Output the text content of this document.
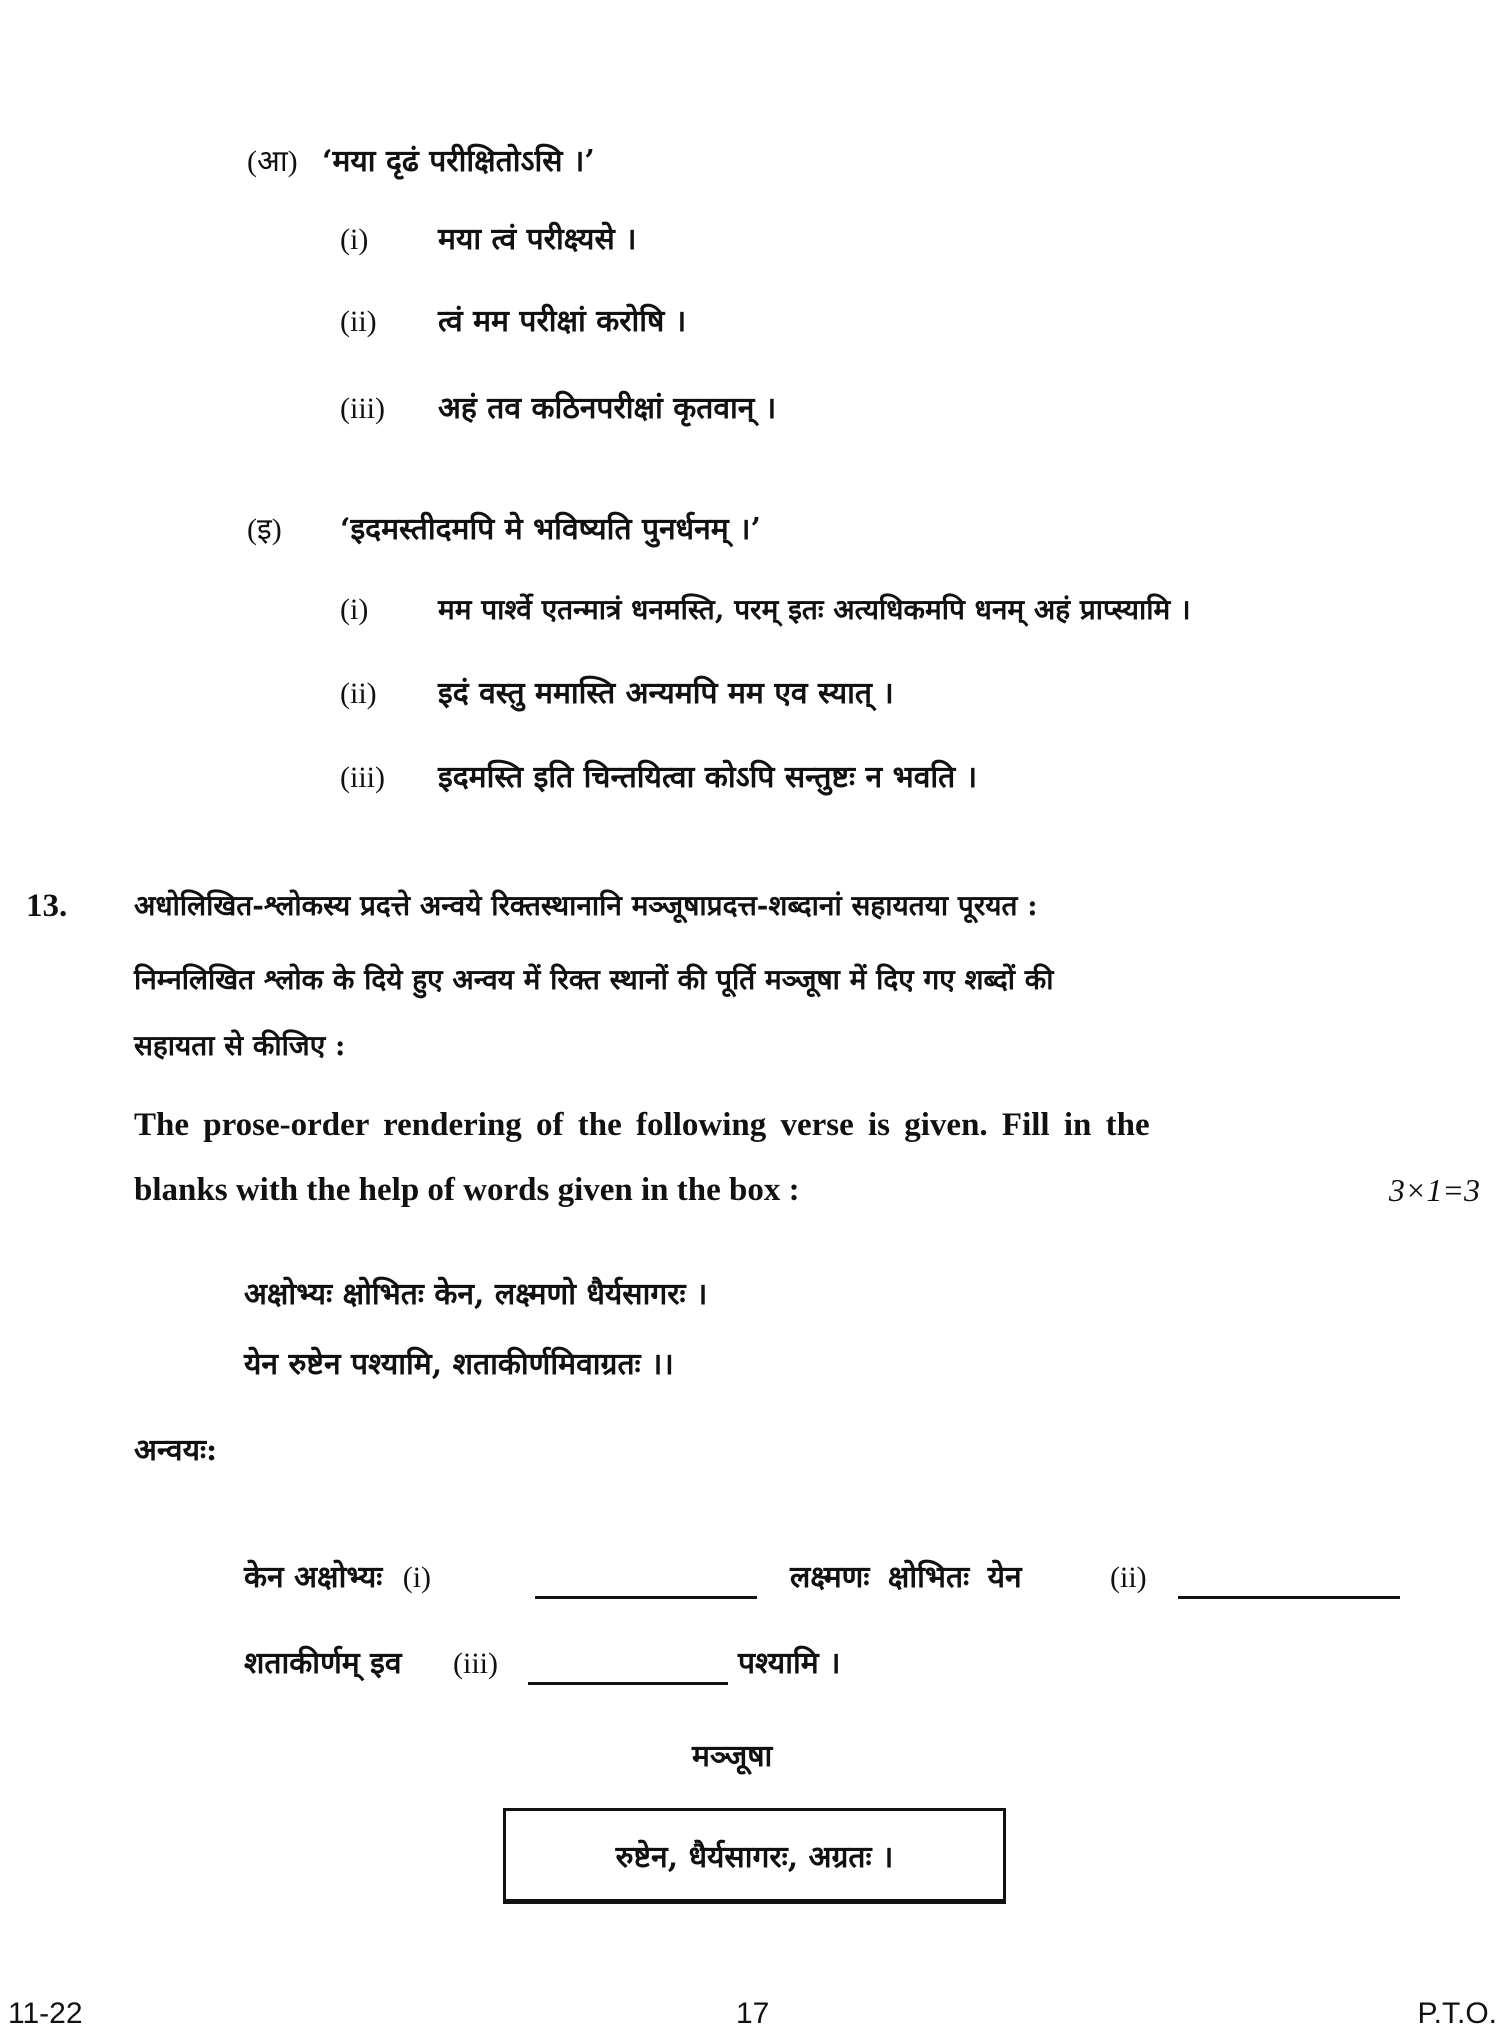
(आ) ‘मया दृढं परीक्षितोऽसि ।’
(i) मया त्वं परीक्ष्यसे ।
(ii) त्वं मम परीक्षां करोषि ।
(iii) अहं तव कठिनपरीक्षां कृतवान् ।
(इ) ‘इदमस्तीदमपि मे भविष्यति पुनर्धनम् ।’
(i) मम पार्श्वे एतन्मात्रं धनमस्ति, परम् इतः अत्यधिकमपि धनम् अहं प्राप्स्यामि ।
(ii) इदं वस्तु ममास्ति अन्यमपि मम एव स्यात् ।
(iii) इदमस्ति इति चिन्तयित्वा कोऽपि सन्तुष्टः न भवति ।
13. अधोलिखित-श्लोकस्य प्रदत्ते अन्वये रिक्तस्थानानि मञ्जूषाप्रदत्त-शब्दानां सहायतया पूरयत :
निम्नलिखित श्लोक के दिये हुए अन्वय में रिक्त स्थानों की पूर्ति मञ्जूषा में दिए गए शब्दों की
सहायता से कीजिए :
The prose-order rendering of the following verse is given. Fill in the
blanks with the help of words given in the box :	3×1=3
अक्षोभ्यः क्षोभितः केन, लक्ष्मणो धैर्यसागरः ।
येन रुष्टेन पश्यामि, शताकीर्णमिवाग्रतः ।।
अन्वयः:
केन अक्षोभ्यः (i)	लक्ष्मणः क्षोभितः येन	(ii)
शताकीर्णम् इव (iii)	पश्यामि ।
मञ्जूषा
रुष्टेन, धैर्यसागरः, अग्रतः ।
11-22	17	P.T.O.
